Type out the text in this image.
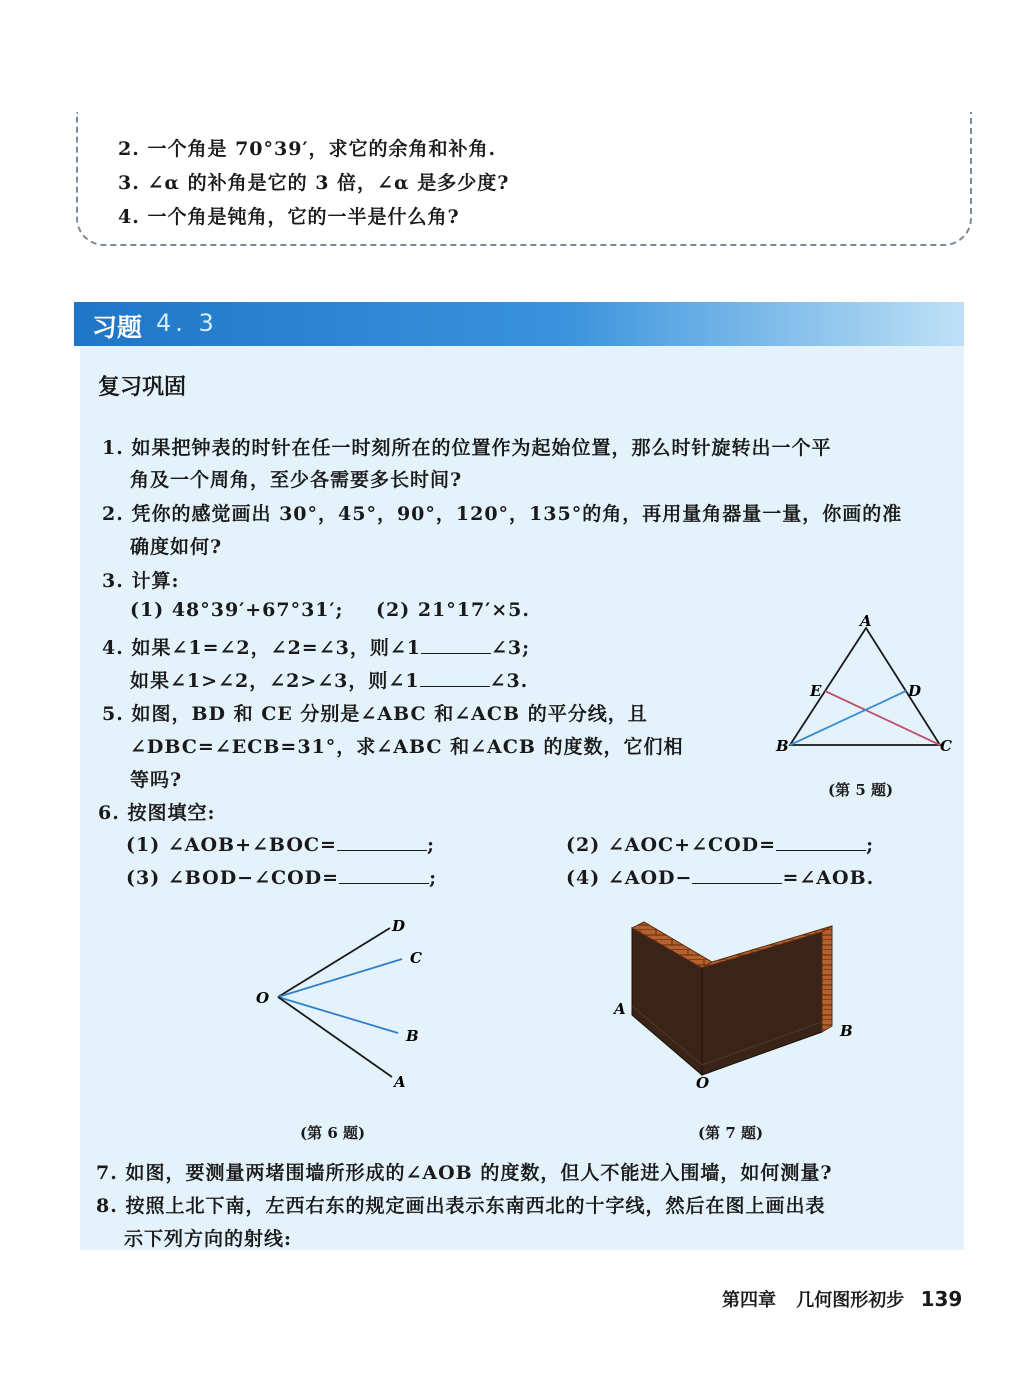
2. 一个角是 70°39′，求它的余角和补角.
3. ∠α 的补角是它的 3 倍，∠α 是多少度?
4. 一个角是钝角，它的一半是什么角?
习题 4. 3
复习巩固
1. 如果把钟表的时针在任一时刻所在的位置作为起始位置，那么时针旋转出一个平
角及一个周角，至少各需要多长时间?
2. 凭你的感觉画出 30°，45°，90°，120°，135°的角，再用量角器量一量，你画的准
确度如何?
3. 计算:
(1) 48°39′+67°31′; (2) 21°17′×5.
4. 如果∠1=∠2，∠2=∠3，则∠1	∠3;
如果∠1>∠2，∠2>∠3，则∠1	∠3.
5. 如图，BD 和 CE 分别是∠ABC 和∠ACB 的平分线，且
∠DBC=∠ECB=31°，求∠ABC 和∠ACB 的度数，它们相
等吗?
6. 按图填空:
(1) ∠AOB+∠BOC=	;	(2) ∠AOC+∠COD=	;
(3) ∠BOD−∠COD=	;	(4) ∠AOD−	=∠AOB.
A
B	C
D
E
(第 5 题)
O
D
C
B
A
(第 6 题)
A
B
O
(第 7 题)
7. 如图，要测量两堵围墙所形成的∠AOB 的度数，但人不能进入围墙，如何测量?
8. 按照上北下南，左西右东的规定画出表示东南西北的十字线，然后在图上画出表
示下列方向的射线:
第四章 几何图形初步 139
